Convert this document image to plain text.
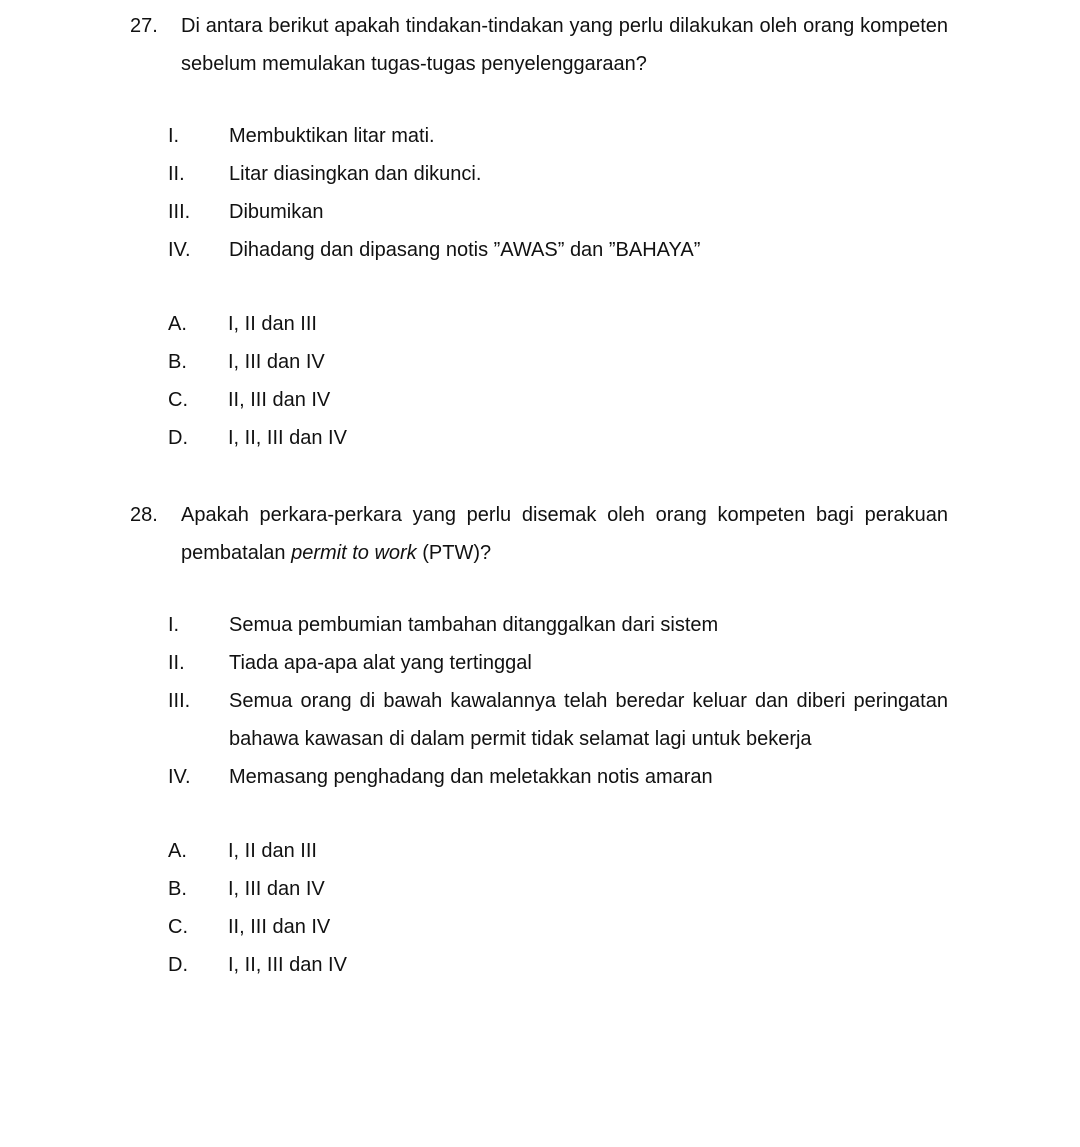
27. Di antara berikut apakah tindakan-tindakan yang perlu dilakukan oleh orang kompeten sebelum memulakan tugas-tugas penyelenggaraan?
I.	Membuktikan litar mati.
II.	Litar diasingkan dan dikunci.
III.	Dibumikan
IV.	Dihadang dan dipasang notis ”AWAS” dan ”BAHAYA”
A.	I, II dan III
B.	I, III dan IV
C.	II, III dan IV
D.	I, II, III dan IV
28. Apakah perkara-perkara yang perlu disemak oleh orang kompeten bagi perakuan pembatalan permit to work (PTW)?
I.	Semua pembumian tambahan ditanggalkan dari sistem
II.	Tiada apa-apa alat yang tertinggal
III.	Semua orang di bawah kawalannya telah beredar keluar dan diberi peringatan bahawa kawasan di dalam permit tidak selamat lagi untuk bekerja
IV.	Memasang penghadang dan meletakkan notis amaran
A.	I, II dan III
B.	I, III dan IV
C.	II, III dan IV
D.	I, II, III dan IV
